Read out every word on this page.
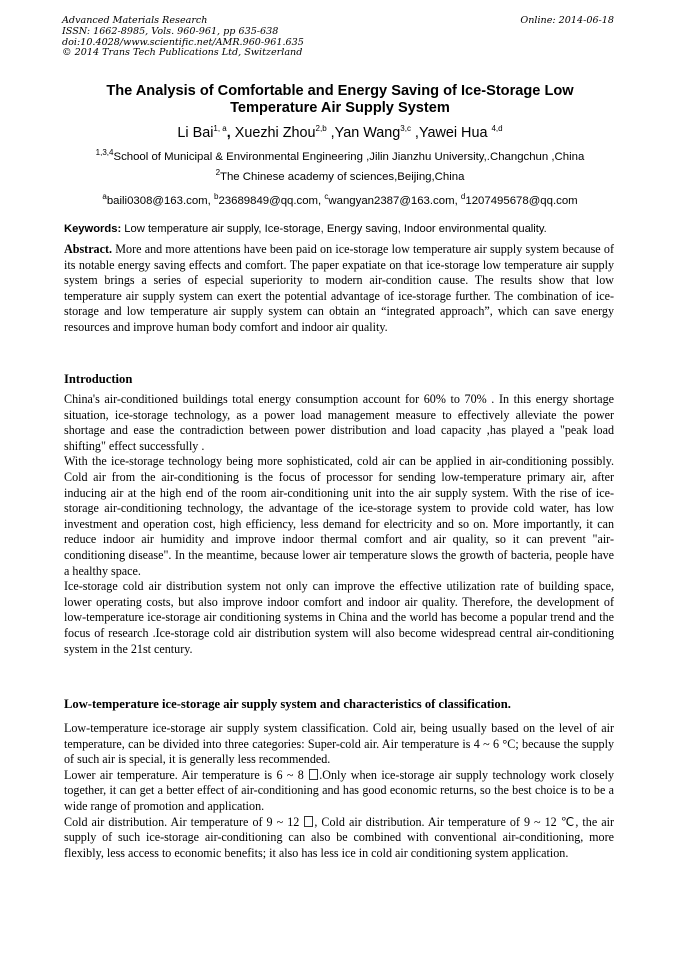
Advanced Materials Research
ISSN: 1662-8985, Vols. 960-961, pp 635-638
doi:10.4028/www.scientific.net/AMR.960-961.635
© 2014 Trans Tech Publications Ltd, Switzerland
Online: 2014-06-18
The Analysis of Comfortable and Energy Saving of Ice-Storage Low
Temperature Air Supply System
Li Bai$^{1, a}$, Xuezhi Zhou$^{2,b}$ ,Yan Wang$^{3,c}$ ,Yawei Hua $^{4,d}$
$^{1,3,4}$School of Municipal & Environmental Engineering ,Jilin Jianzhu University,.Changchun ,China
$^2$The Chinese academy of sciences,Beijing,China
$^a$baili0308@163.com, $^b$23689849@qq.com, $^c$wangyan2387@163.com, $^d$1207495678@qq.com
Keywords: Low temperature air supply, Ice-storage, Energy saving, Indoor environmental quality.
Abstract. More and more attentions have been paid on ice-storage low temperature air supply system because of its notable energy saving effects and comfort. The paper expatiate on that ice-storage low temperature air supply system brings a series of especial superiority to modern air-condition cause. The results show that low temperature air supply system can exert the potential advantage of ice-storage further. The combination of ice-storage and low temperature air supply system can obtain an “integrated approach”, which can save energy resources and improve human body comfort and indoor air quality.
Introduction

China's air-conditioned buildings total energy consumption account for 60% to 70% . In this energy shortage situation, ice-storage technology, as a power load management measure to effectively alleviate the power shortage and ease the contradiction between power distribution and load capacity ,has played a "peak load shifting" effect successfully .

With the ice-storage technology being more sophisticated, cold air can be applied in air-conditioning possibly. Cold air from the air-conditioning is the focus of processor for sending low-temperature primary air, after inducing air at the high end of the room air-conditioning unit into the air supply system. With the rise of ice-storage air-conditioning technology, the advantage of the ice-storage system to provide cold water, has low investment and operation cost, high efficiency, less demand for electricity and so on. More importantly, it can reduce indoor air humidity and improve indoor thermal comfort and air quality, so it can prevent "air-conditioning disease". In the meantime, because lower air temperature slows the growth of bacteria, people have a healthy space.

Ice-storage cold air distribution system not only can improve the effective utilization rate of building space, lower operating costs, but also improve indoor comfort and indoor air quality. Therefore, the development of low-temperature ice-storage air conditioning systems in China and the world has become a popular trend and the focus of research .Ice-storage cold air distribution system will also become widespread central air-conditioning system in the 21st century.

Low-temperature ice-storage air supply system and characteristics of classification.

Low-temperature ice-storage air supply system classification. Cold air, being usually based on the level of air temperature, can be divided into three categories: Super-cold air. Air temperature is 4 ~ 6 °C; because the supply of such air is special, it is generally less recommended.

Lower air temperature. Air temperature is 6 ~ 8 .Only when ice-storage air supply technology work closely together, it can get a better effect of air-conditioning and has good economic returns, so the best choice is to be a wide range of promotion and application.

Cold air distribution. Air temperature of 9 ~ 12 , Cold air distribution. Air temperature of 9 ~ 12 ℃, the air supply of such ice-storage air-conditioning can also be combined with conventional air-conditioning, more flexibly, less access to economic benefits; it also has less ice in cold air conditioning system application.
